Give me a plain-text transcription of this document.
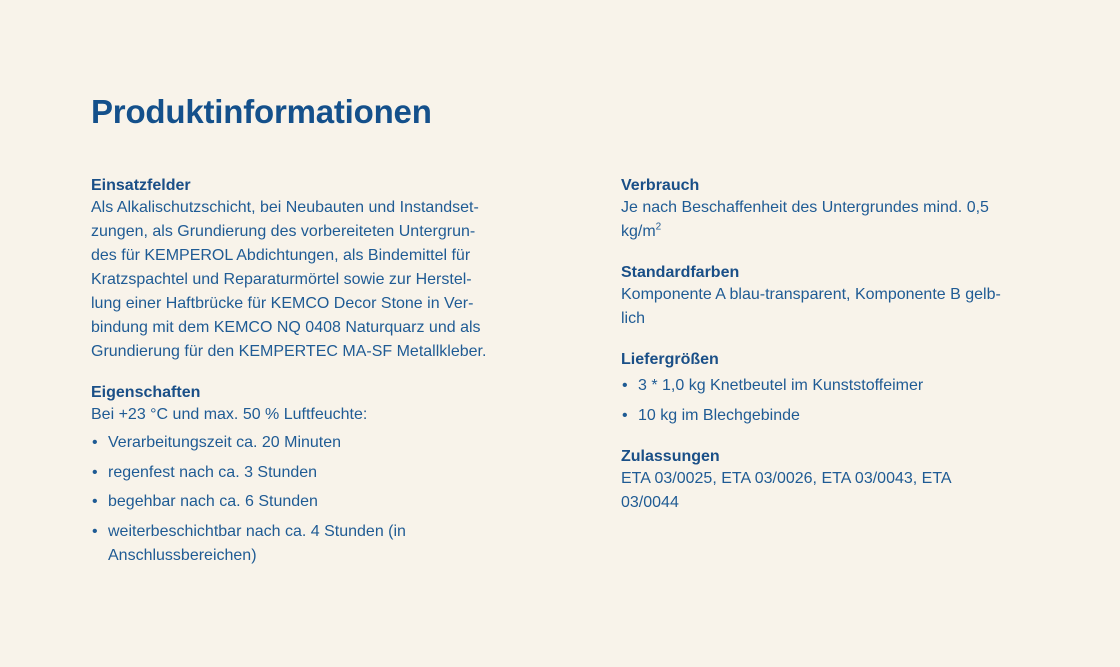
Produktinformationen

Einsatzfelder

Als Alkalischutzschicht, bei Neubauten und Instandset-
zungen, als Grundierung des vorbereiteten Untergrun-
des für KEMPEROL Abdichtungen, als Bindemittel für
Kratzspachtel und Reparaturmörtel sowie zur Herstel-
lung einer Haftbrücke für KEMCO Decor Stone in Ver-
bindung mit dem KEMCO NQ 0408 Naturquarz und als
Grundierung für den KEMPERTEC MA-SF Metallkleber.

Eigenschaften

Bei +23 °C und max. 50 % Luftfeuchte:
• Verarbeitungszeit ca. 20 Minuten
• regenfest nach ca. 3 Stunden
• begehbar nach ca. 6 Stunden
• weiterbeschichtbar nach ca. 4 Stunden (in
Anschlussbereichen)

Verbrauch

Je nach Beschaffenheit des Untergrundes mind. 0,5
$kg/m^2$

Standardfarben

Komponente A blau-transparent, Komponente B gelb-
lich

Liefergrößen

• 3 * 1,0 kg Knetbeutel im Kunststoffeimer
• 10 kg im Blechgebinde

Zulassungen

ETA 03/0025, ETA 03/0026, ETA 03/0043, ETA
03/0044
